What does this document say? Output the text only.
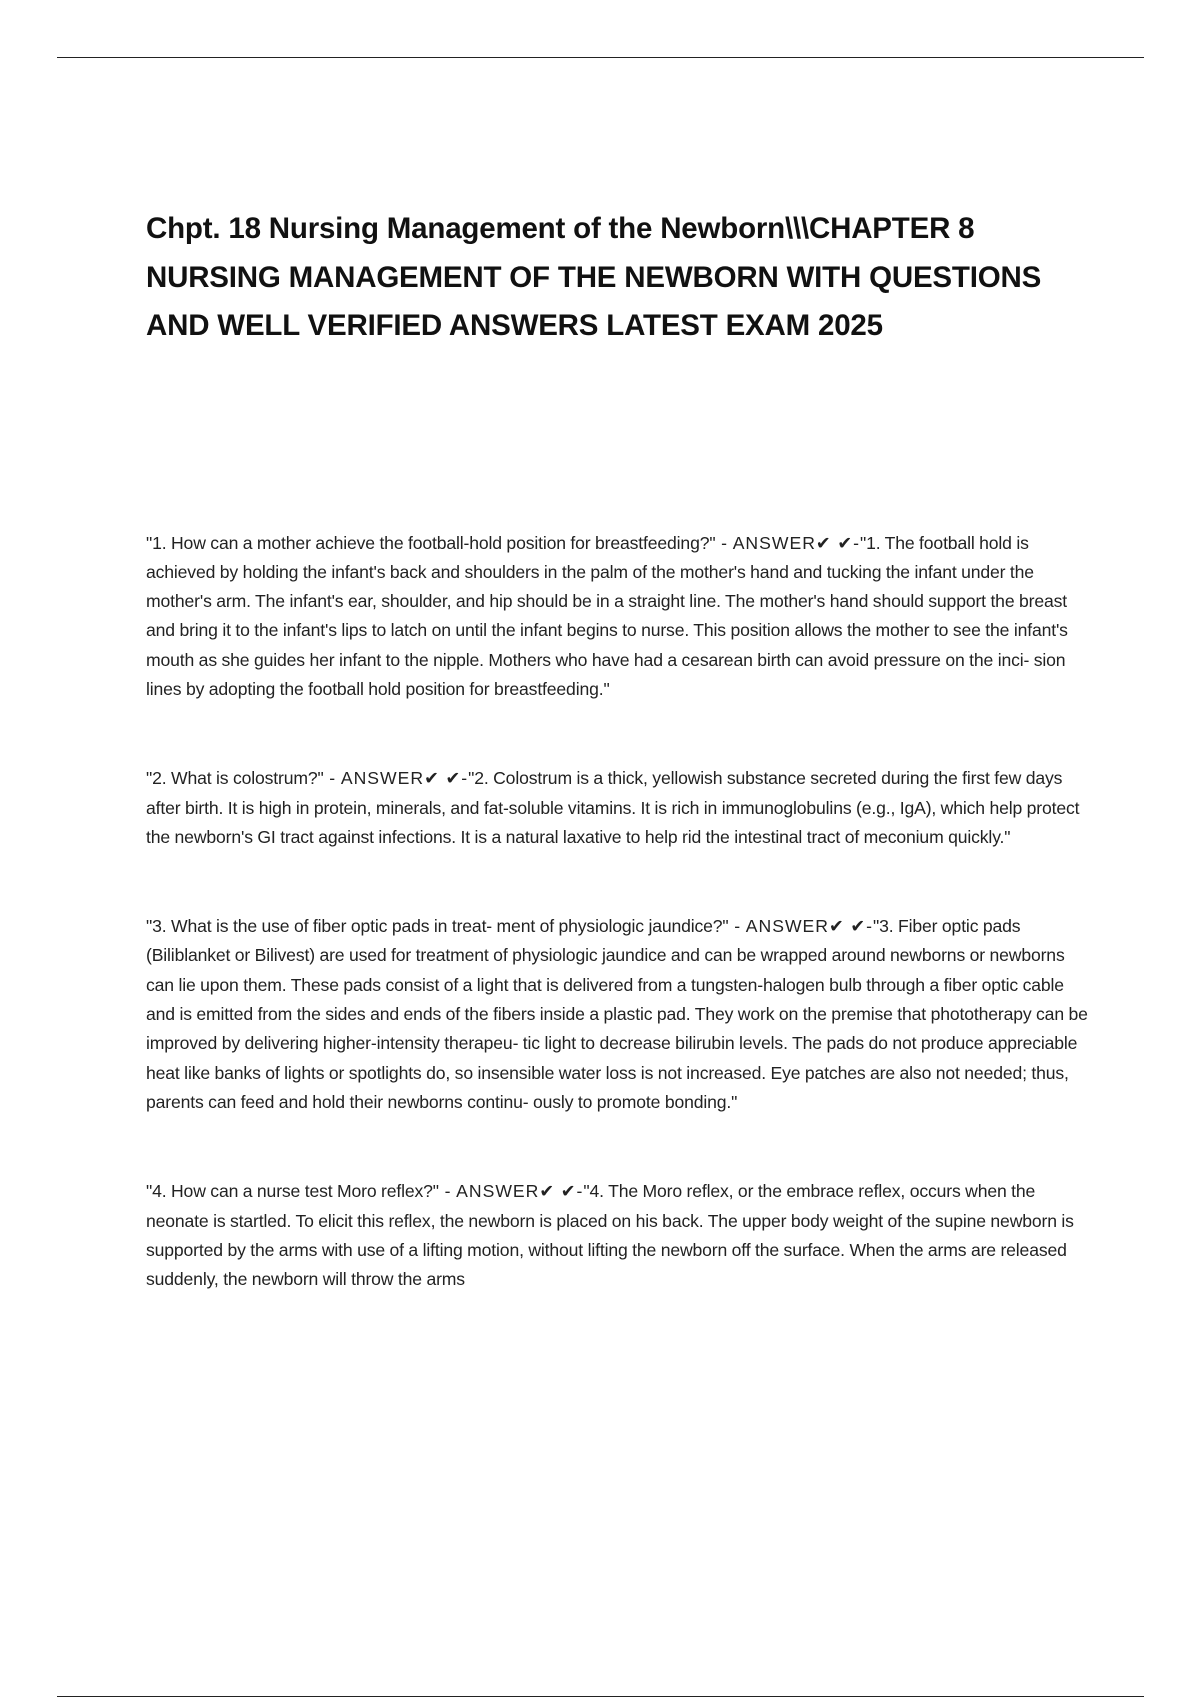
Chpt. 18 Nursing Management of the Newborn\\\CHAPTER 8 NURSING MANAGEMENT OF THE NEWBORN WITH QUESTIONS AND WELL VERIFIED ANSWERS LATEST EXAM 2025

"1. How can a mother achieve the football-hold position for breastfeeding?" - ANSWER✔ ✔-"1. The football hold is achieved by holding the infant's back and shoulders in the palm of the mother's hand and tucking the infant under the mother's arm. The infant's ear, shoulder, and hip should be in a straight line. The mother's hand should support the breast and bring it to the infant's lips to latch on until the infant begins to nurse. This position allows the mother to see the infant's mouth as she guides her infant to the nipple. Mothers who have had a cesarean birth can avoid pressure on the inci- sion lines by adopting the football hold position for breastfeeding."

"2. What is colostrum?" - ANSWER✔ ✔-"2. Colostrum is a thick, yellowish substance secreted during the first few days after birth. It is high in protein, minerals, and fat-soluble vitamins. It is rich in immunoglobulins (e.g., IgA), which help protect the newborn's GI tract against infections. It is a natural laxative to help rid the intestinal tract of meconium quickly."

"3. What is the use of fiber optic pads in treat- ment of physiologic jaundice?" - ANSWER✔ ✔-"3. Fiber optic pads (Biliblanket or Bilivest) are used for treatment of physiologic jaundice and can be wrapped around newborns or newborns can lie upon them. These pads consist of a light that is delivered from a tungsten-halogen bulb through a fiber optic cable and is emitted from the sides and ends of the fibers inside a plastic pad. They work on the premise that phototherapy can be improved by delivering higher-intensity therapeu- tic light to decrease bilirubin levels. The pads do not produce appreciable heat like banks of lights or spotlights do, so insensible water loss is not increased. Eye patches are also not needed; thus, parents can feed and hold their newborns continu- ously to promote bonding."

"4. How can a nurse test Moro reflex?" - ANSWER✔ ✔-"4. The Moro reflex, or the embrace reflex, occurs when the neonate is startled. To elicit this reflex, the newborn is placed on his back. The upper body weight of the supine newborn is supported by the arms with use of a lifting motion, without lifting the newborn off the surface. When the arms are released suddenly, the newborn will throw the arms
